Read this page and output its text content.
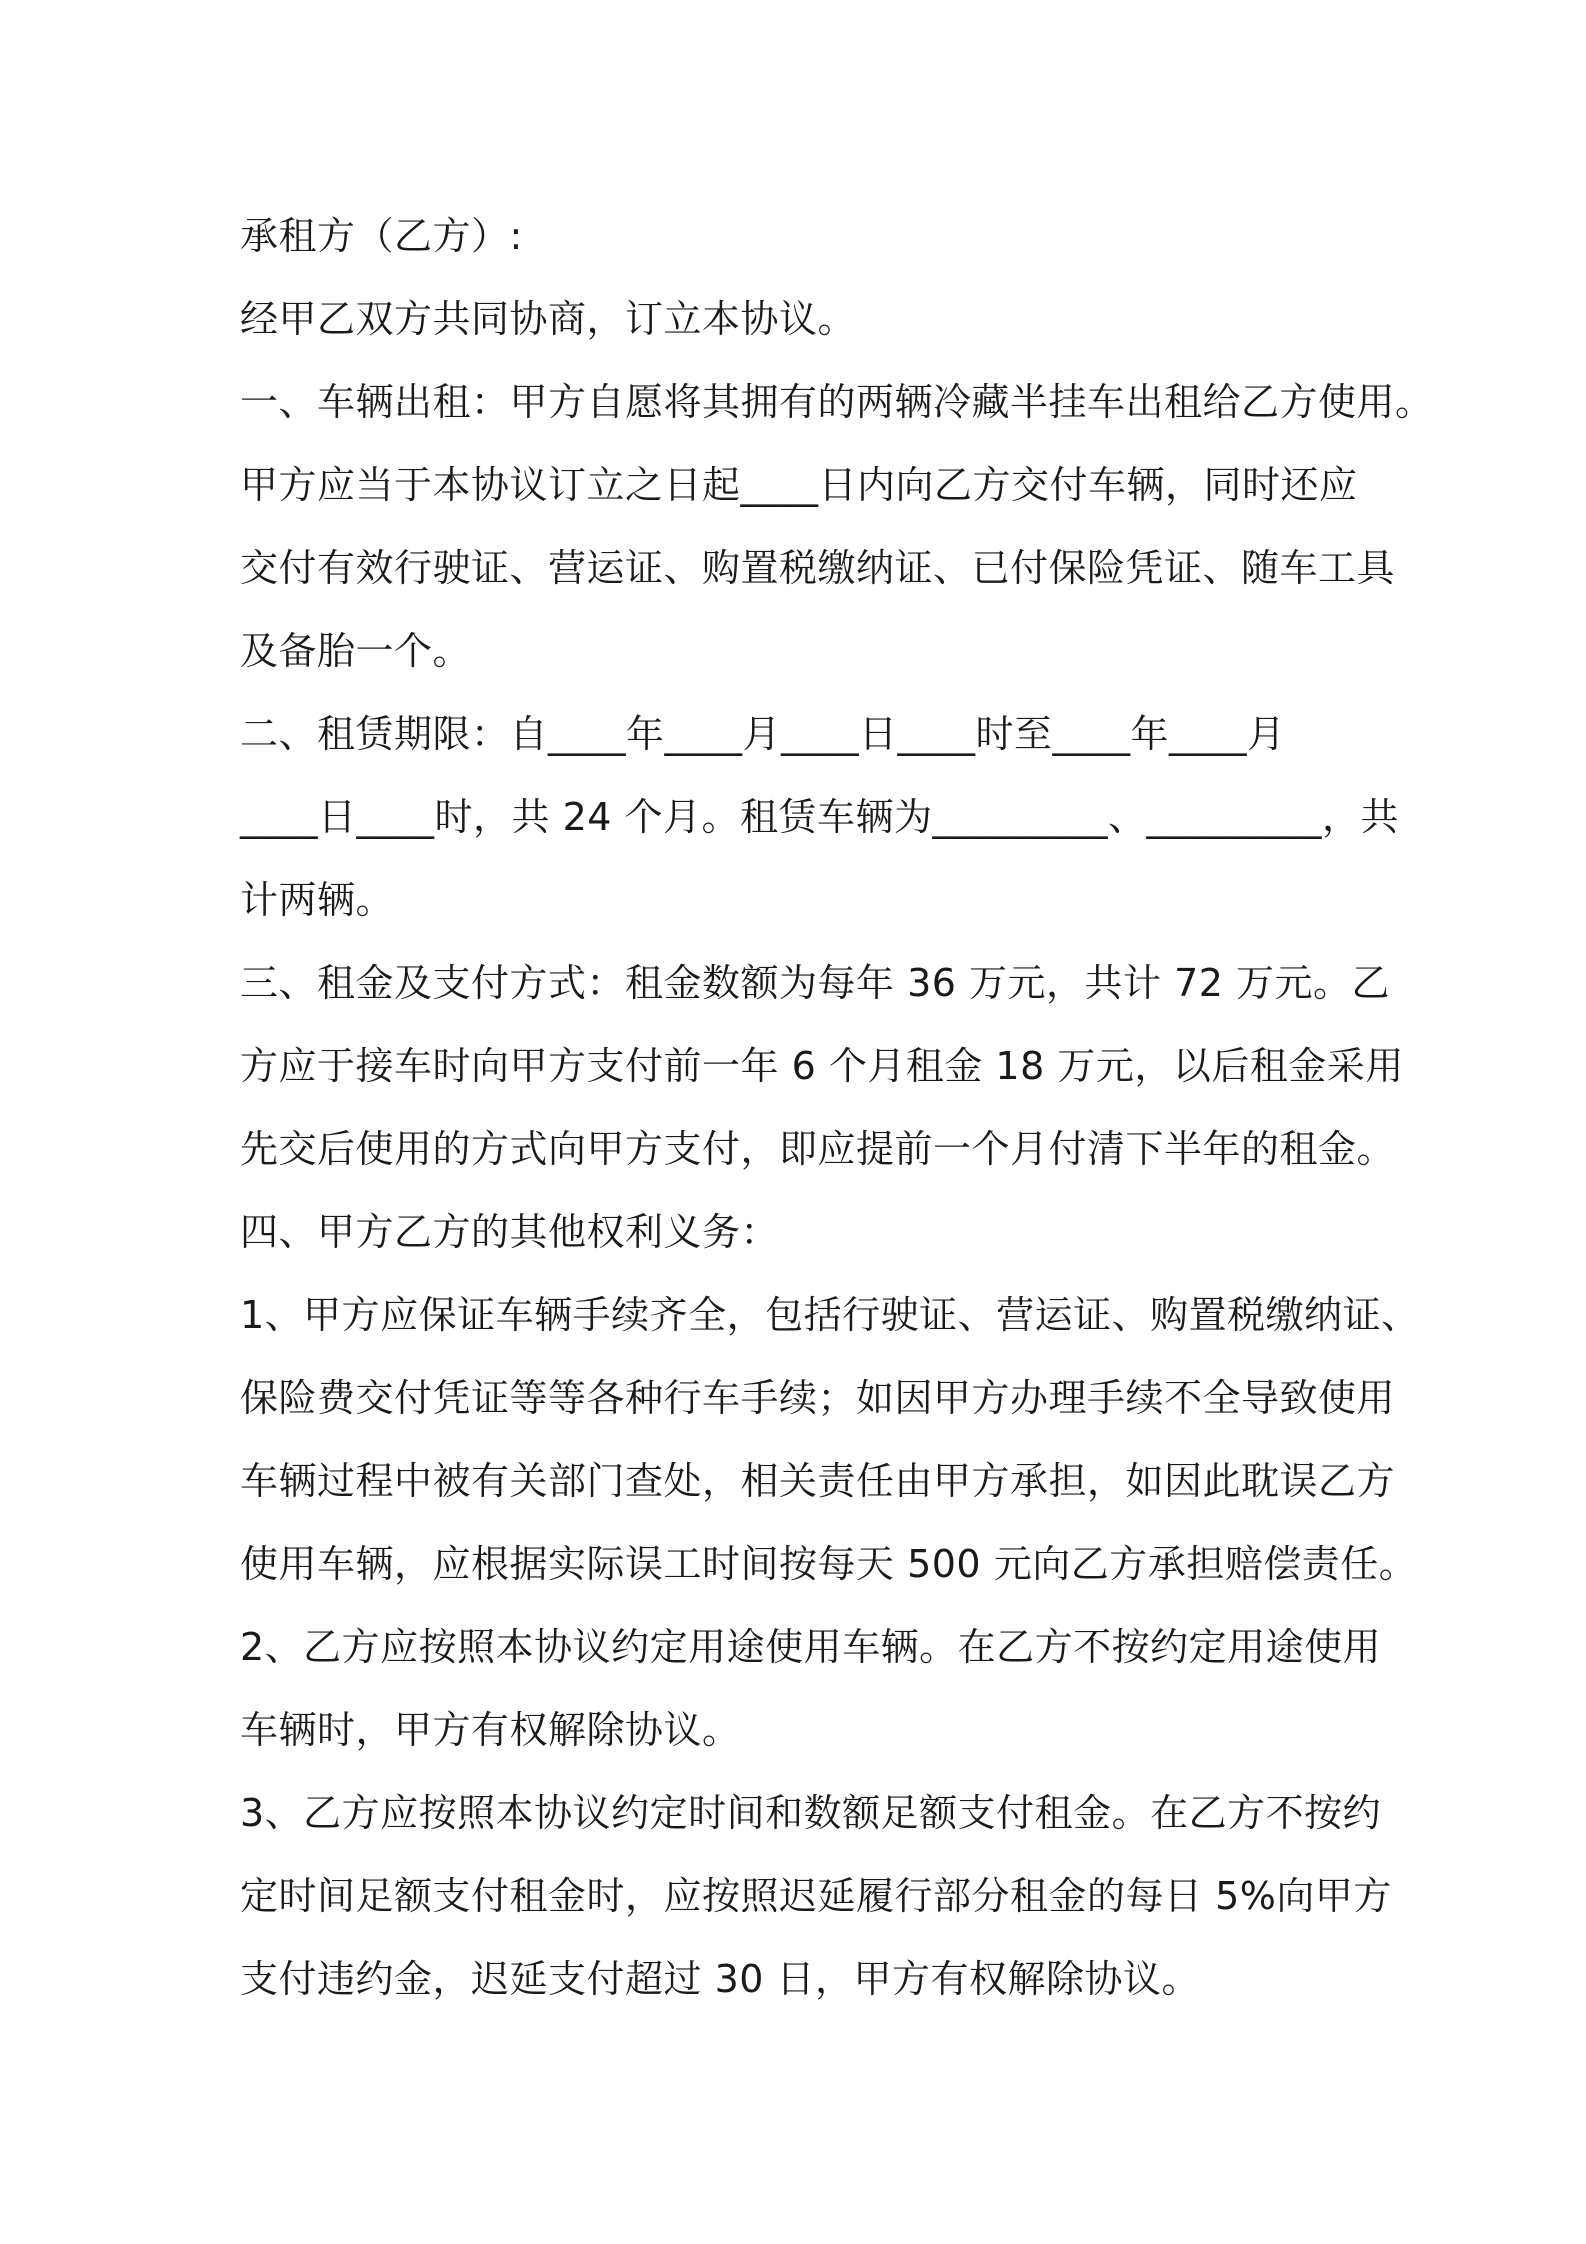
承租方（乙方）:
经甲乙双方共同协商，订立本协议。
一、车辆出租：甲方自愿将其拥有的两辆冷藏半挂车出租给乙方使用。
甲方应当于本协议订立之日起____日内向乙方交付车辆，同时还应
交付有效行驶证、营运证、购置税缴纳证、已付保险凭证、随车工具
及备胎一个。
二、租赁期限：自____年____月____日____时至____年____月
____日____时，共 24 个月。租赁车辆为_________、_________，共
计两辆。
三、租金及支付方式：租金数额为每年 36 万元，共计 72 万元。乙
方应于接车时向甲方支付前一年 6 个月租金 18 万元，以后租金采用
先交后使用的方式向甲方支付，即应提前一个月付清下半年的租金。
四、甲方乙方的其他权利义务：
1、甲方应保证车辆手续齐全，包括行驶证、营运证、购置税缴纳证、
保险费交付凭证等等各种行车手续；如因甲方办理手续不全导致使用
车辆过程中被有关部门查处，相关责任由甲方承担，如因此耽误乙方
使用车辆，应根据实际误工时间按每天 500 元向乙方承担赔偿责任。
2、乙方应按照本协议约定用途使用车辆。在乙方不按约定用途使用
车辆时，甲方有权解除协议。
3、乙方应按照本协议约定时间和数额足额支付租金。在乙方不按约
定时间足额支付租金时，应按照迟延履行部分租金的每日 5%向甲方
支付违约金，迟延支付超过 30 日，甲方有权解除协议。
